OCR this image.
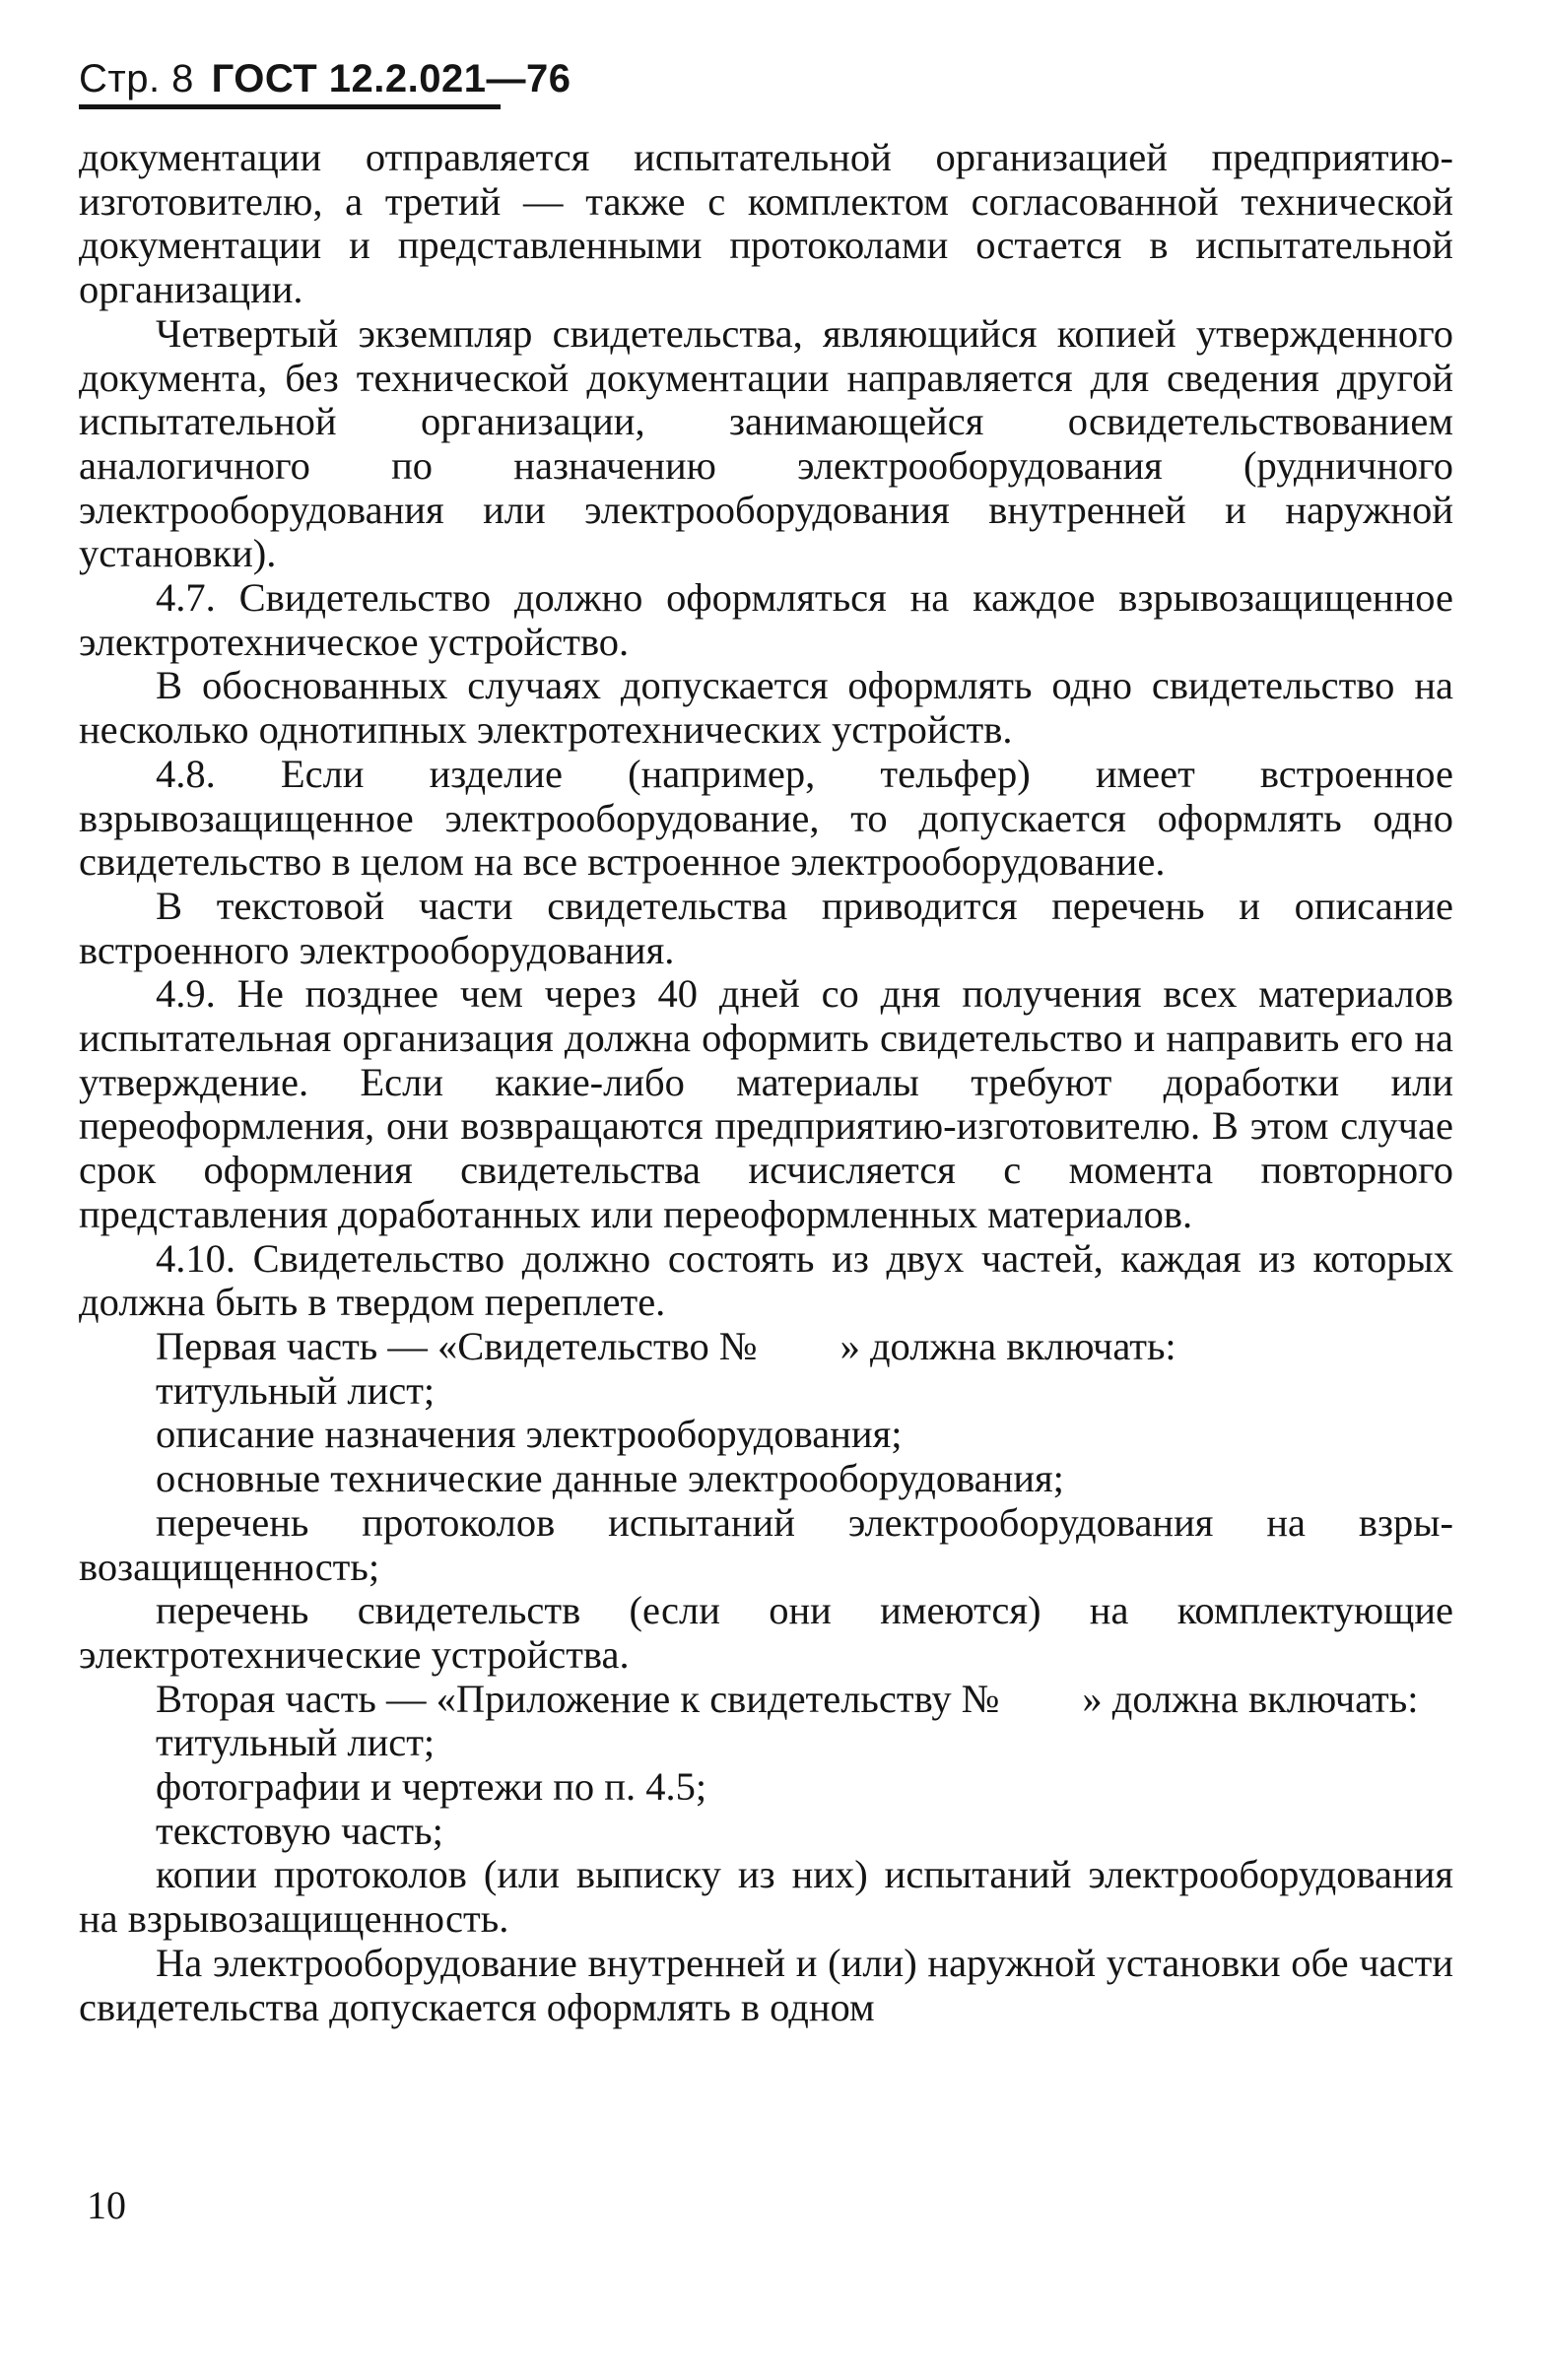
Стр. 8 ГОСТ 12.2.021—76

документации отправляется испытательной организацией предприятию-изготовителю, а третий — также с комплектом согласованной технической документации и представленными протоколами остается в испытательной организации.

Четвертый экземпляр свидетельства, являющийся копией утвержденного документа, без технической документации направляется для сведения другой испытательной организации, занимающейся освидетельствованием аналогичного по назначению электрооборудования (рудничного электрооборудования или электрооборудования внутренней и наружной установки).

4.7. Свидетельство должно оформляться на каждое взрывозащищенное электротехническое устройство.

В обоснованных случаях допускается оформлять одно свидетельство на несколько однотипных электротехнических устройств.

4.8. Если изделие (например, тельфер) имеет встроенное взрывозащищенное электрооборудование, то допускается оформлять одно свидетельство в целом на все встроенное электрооборудование.

В текстовой части свидетельства приводится перечень и описание встроенного электрооборудования.

4.9. Не позднее чем через 40 дней со дня получения всех материалов испытательная организация должна оформить свидетельство и направить его на утверждение. Если какие-либо материалы требуют доработки или переоформления, они возвращаются предприятию-изготовителю. В этом случае срок оформления свидетельства исчисляется с момента повторного представления доработанных или переоформленных материалов.

4.10. Свидетельство должно состоять из двух частей, каждая из которых должна быть в твердом переплете.

Первая часть — «Свидетельство № » должна включать:

титульный лист;

описание назначения электрооборудования;

основные технические данные электрооборудования;

перечень протоколов испытаний электрооборудования на взрывозащищенность;

перечень свидетельств (если они имеются) на комплектующие электротехнические устройства.

Вторая часть — «Приложение к свидетельству № » должна включать:

титульный лист;

фотографии и чертежи по п. 4.5;

текстовую часть;

копии протоколов (или выписку из них) испытаний электрооборудования на взрывозащищенность.

На электрооборудование внутренней и (или) наружной установки обе части свидетельства допускается оформлять в одном

10
